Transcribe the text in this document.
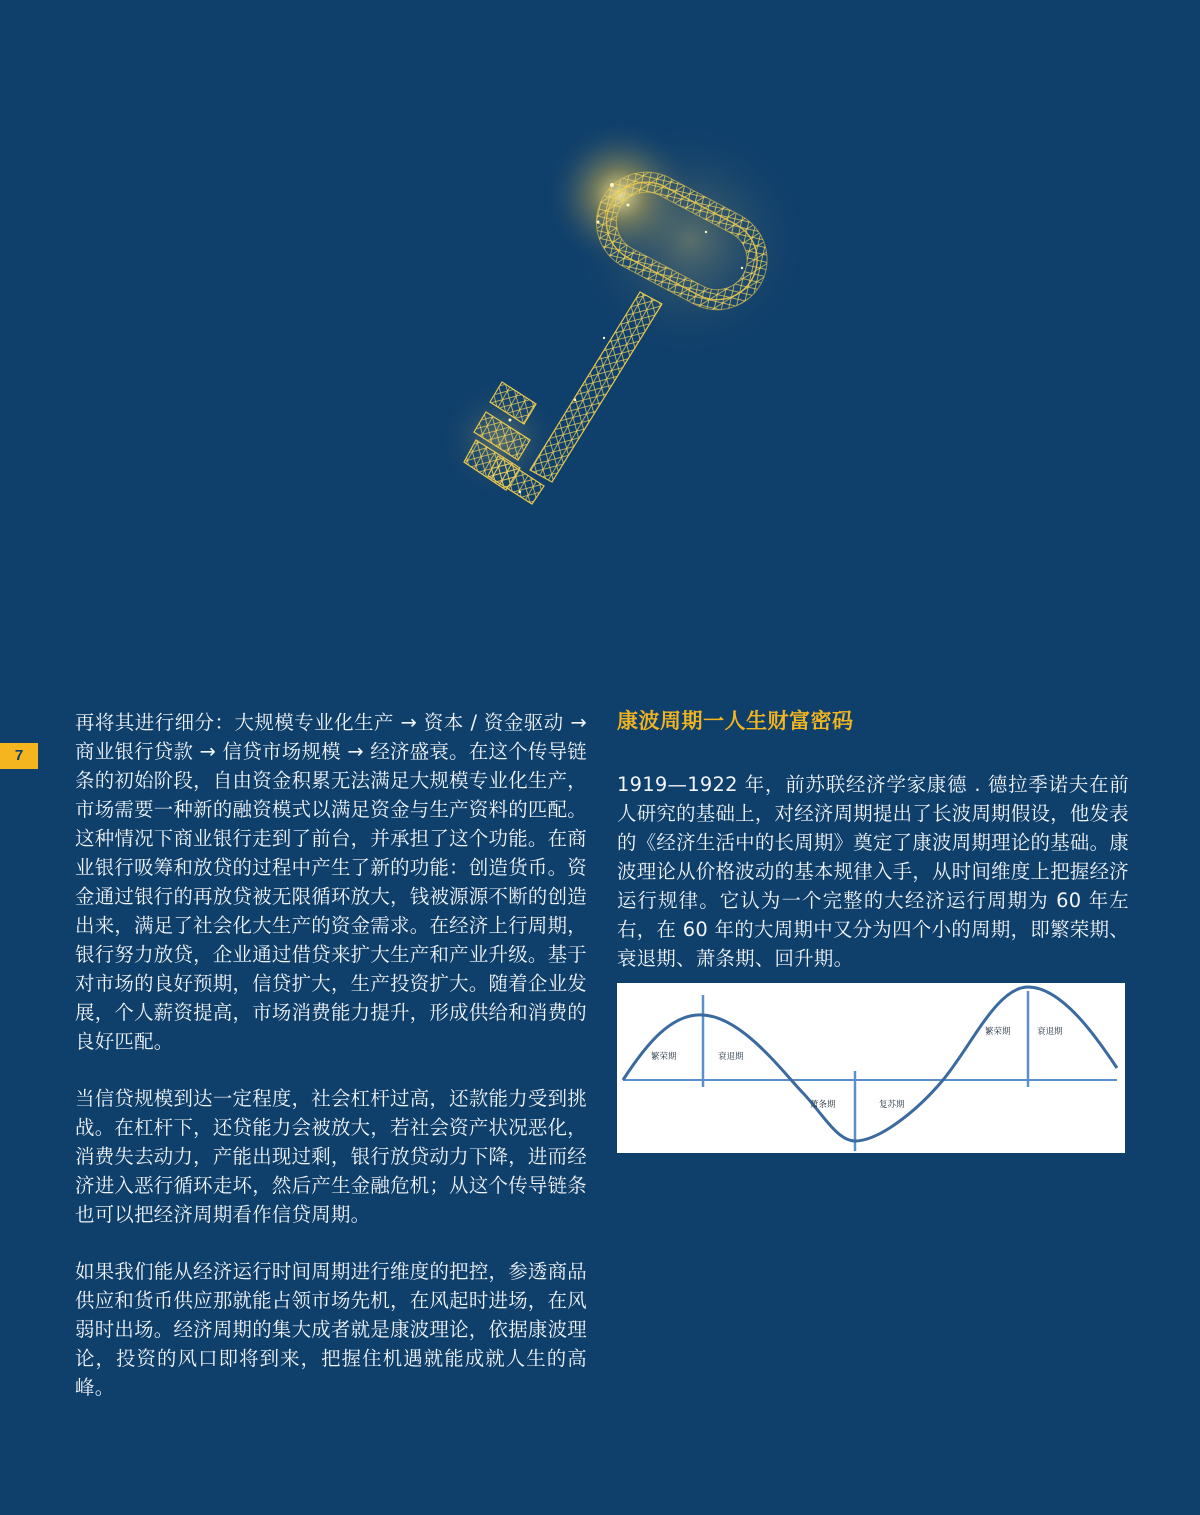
7

再将其进行细分：大规模专业化生产 → 资本 / 资金驱动 → 商业银行贷款 → 信贷市场规模 → 经济盛衰。在这个传导链条的初始阶段，自由资金积累无法满足大规模专业化生产，市场需要一种新的融资模式以满足资金与生产资料的匹配。这种情况下商业银行走到了前台，并承担了这个功能。在商业银行吸筹和放贷的过程中产生了新的功能：创造货币。资金通过银行的再放贷被无限循环放大，钱被源源不断的创造出来，满足了社会化大生产的资金需求。在经济上行周期，银行努力放贷，企业通过借贷来扩大生产和产业升级。基于对市场的良好预期，信贷扩大，生产投资扩大。随着企业发展，个人薪资提高，市场消费能力提升，形成供给和消费的良好匹配。

当信贷规模到达一定程度，社会杠杆过高，还款能力受到挑战。在杠杆下，还贷能力会被放大，若社会资产状况恶化，消费失去动力，产能出现过剩，银行放贷动力下降，进而经济进入恶行循环走坏，然后产生金融危机；从这个传导链条也可以把经济周期看作信贷周期。

如果我们能从经济运行时间周期进行维度的把控，参透商品供应和货币供应那就能占领市场先机，在风起时进场，在风弱时出场。经济周期的集大成者就是康波理论，依据康波理论，投资的风口即将到来，把握住机遇就能成就人生的高峰。

康波周期一人生财富密码

1919—1922 年，前苏联经济学家康德 . 德拉季诺夫在前人研究的基础上，对经济周期提出了长波周期假设，他发表的《经济生活中的长周期》奠定了康波周期理论的基础。康波理论从价格波动的基本规律入手，从时间维度上把握经济运行规律。它认为一个完整的大经济运行周期为 60 年左右，在 60 年的大周期中又分为四个小的周期，即繁荣期、衰退期、萧条期、回升期。

繁荣期	衰退期
萧条期	复苏期
繁荣期	衰退期
